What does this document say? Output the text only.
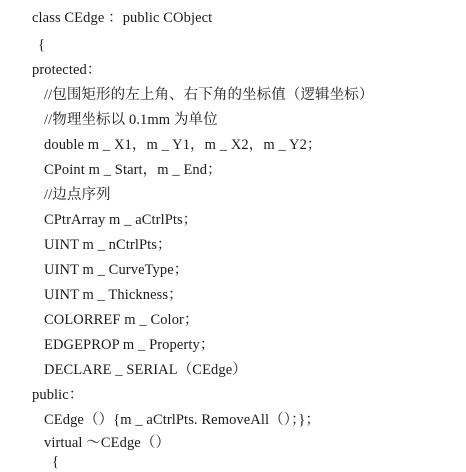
class CEdge ：public CObject
{
protected：
//包围矩形的左上角、右下角的坐标值（逻辑坐标）
//物理坐标以 0.1mm 为单位
double m _ X1，m _ Y1，m _ X2，m _ Y2；
CPoint m _ Start，m _ End；
//边点序列
CPtrArray m _ aCtrlPts；
UINT m _ nCtrlPts；
UINT m _ CurveType；
UINT m _ Thickness；
COLORREF m _ Color；
EDGEPROP m _ Property；
DECLARE _ SERIAL（CEdge）
public：
CEdge（）{m _ aCtrlPts. RemoveAll（）；}；
virtual ～CEdge（）
{
